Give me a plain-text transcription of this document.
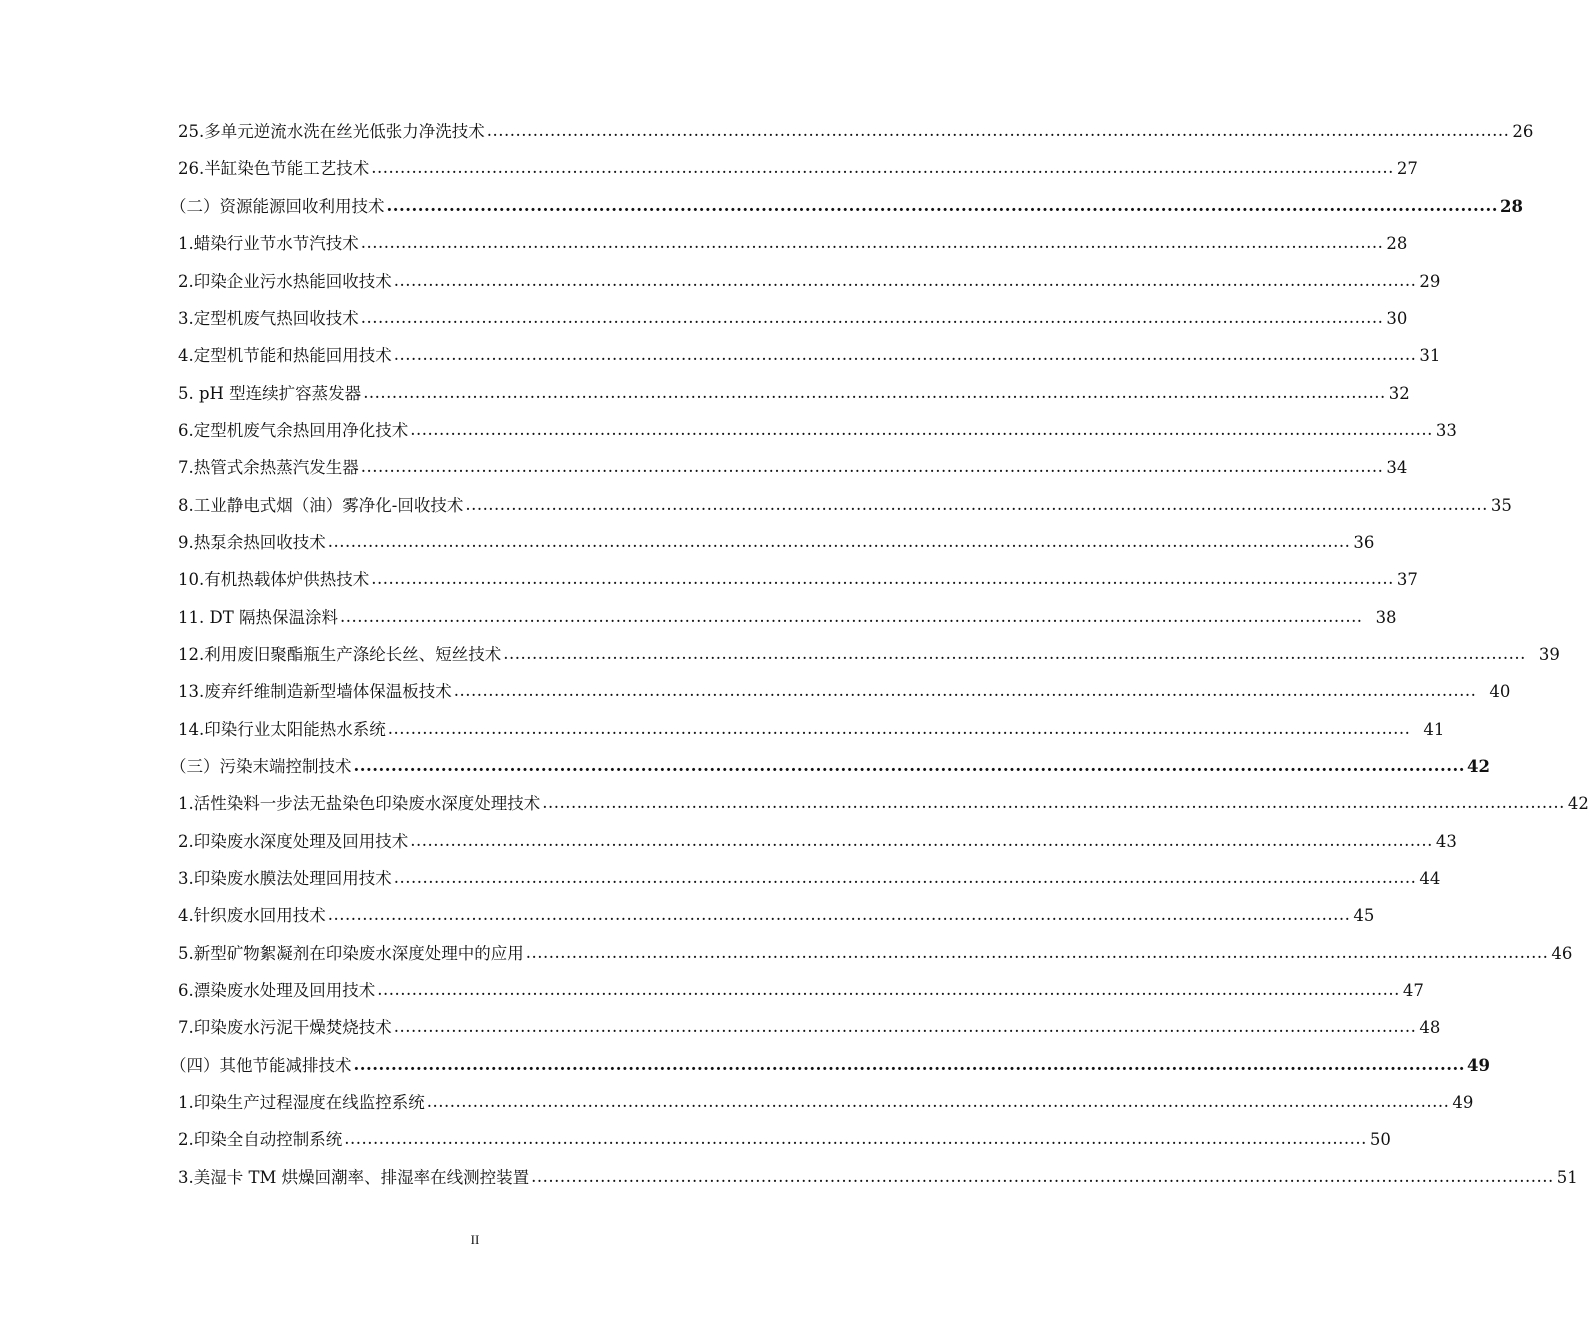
25.多单元逆流水洗在丝光低张力净洗技术 .................................................................................................................................................................................. 26
26.半缸染色节能工艺技术 .................................................................................................................................................................................. 27
（二）资源能源回收利用技术 .................................................................................................................................................................................. 28
1.蜡染行业节水节汽技术 .................................................................................................................................................................................. 28
2.印染企业污水热能回收技术 .................................................................................................................................................................................. 29
3.定型机废气热回收技术 .................................................................................................................................................................................. 30
4.定型机节能和热能回用技术 .................................................................................................................................................................................. 31
5. pH 型连续扩容蒸发器 .................................................................................................................................................................................. 32
6.定型机废气余热回用净化技术 .................................................................................................................................................................................. 33
7.热管式余热蒸汽发生器 .................................................................................................................................................................................. 34
8.工业静电式烟（油）雾净化-回收技术 .................................................................................................................................................................................. 35
9.热泵余热回收技术 .................................................................................................................................................................................. 36
10.有机热载体炉供热技术 .................................................................................................................................................................................. 37
11. DT 隔热保温涂料 .................................................................................................................................................................................. 38
12.利用废旧聚酯瓶生产涤纶长丝、短丝技术 .................................................................................................................................................................................. 39
13.废弃纤维制造新型墙体保温板技术 .................................................................................................................................................................................. 40
14.印染行业太阳能热水系统 .................................................................................................................................................................................. 41
（三）污染末端控制技术 .................................................................................................................................................................................. 42
1.活性染料一步法无盐染色印染废水深度处理技术 .................................................................................................................................................................................. 42
2.印染废水深度处理及回用技术 .................................................................................................................................................................................. 43
3.印染废水膜法处理回用技术 .................................................................................................................................................................................. 44
4.针织废水回用技术 .................................................................................................................................................................................. 45
5.新型矿物絮凝剂在印染废水深度处理中的应用 .................................................................................................................................................................................. 46
6.漂染废水处理及回用技术 .................................................................................................................................................................................. 47
7.印染废水污泥干燥焚烧技术 .................................................................................................................................................................................. 48
（四）其他节能减排技术 .................................................................................................................................................................................. 49
1.印染生产过程湿度在线监控系统 .................................................................................................................................................................................. 49
2.印染全自动控制系统 .................................................................................................................................................................................. 50
3.美湿卡 TM 烘燥回潮率、排湿率在线测控装置 .................................................................................................................................................................................. 51
II
